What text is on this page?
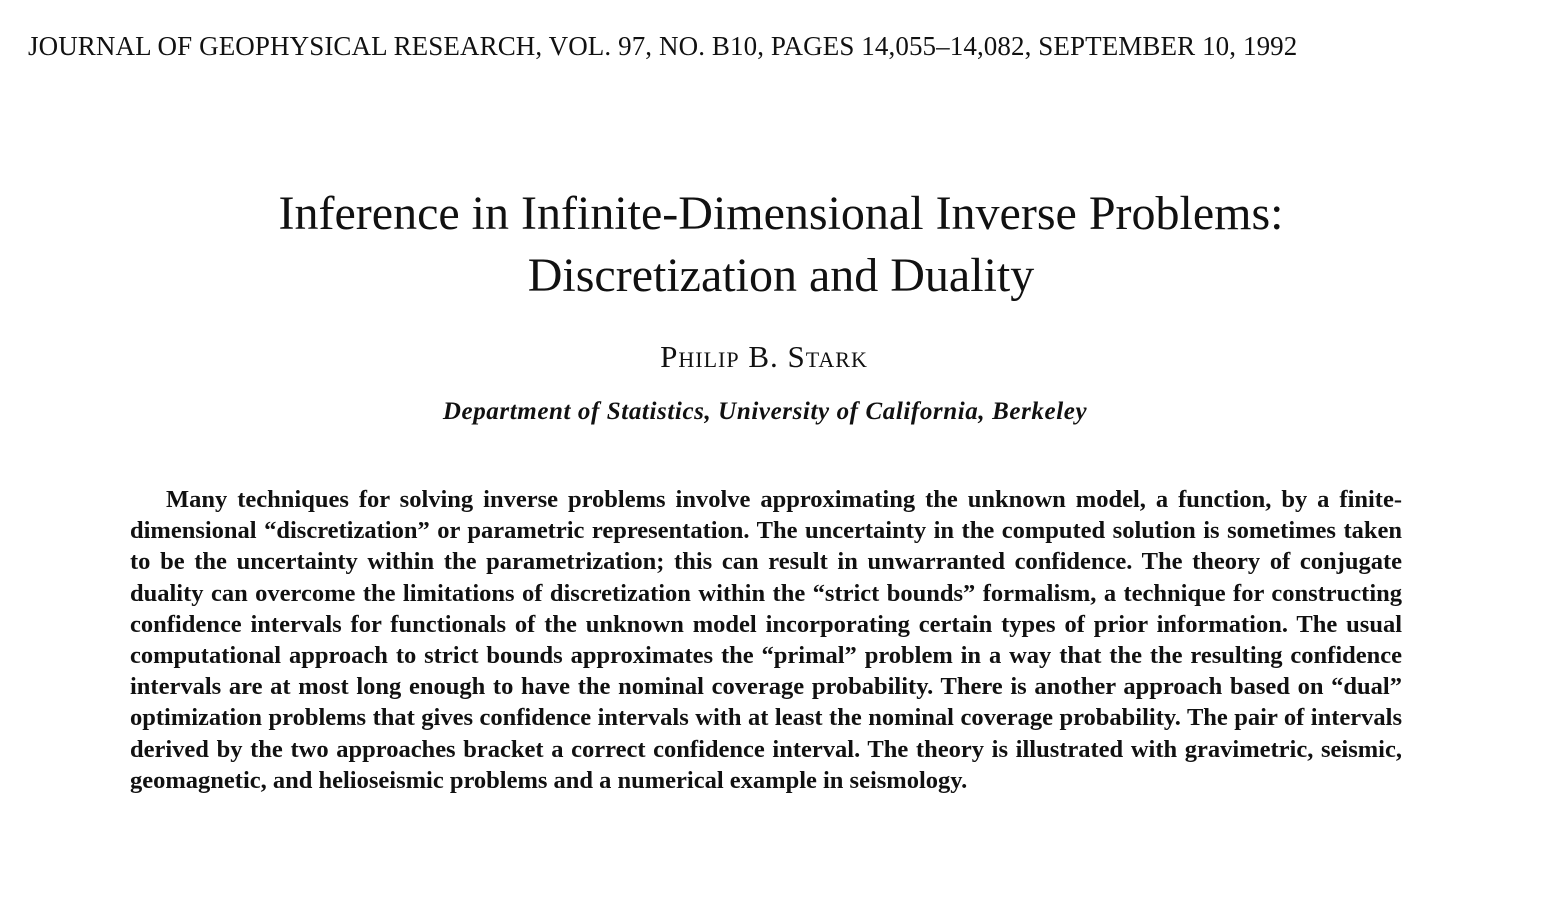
JOURNAL OF GEOPHYSICAL RESEARCH, VOL. 97, NO. B10, PAGES 14,055–14,082, SEPTEMBER 10, 1992
Inference in Infinite-Dimensional Inverse Problems:
Discretization and Duality
Philip B. Stark
Department of Statistics, University of California, Berkeley

Many techniques for solving inverse problems involve approximating the unknown model, a function, by a finite-dimensional “discretization” or parametric representation. The uncertainty in the computed solution is sometimes taken to be the uncertainty within the parametrization; this can result in unwarranted confidence. The theory of conjugate duality can overcome the limitations of discretization within the “strict bounds” formalism, a technique for constructing confidence intervals for functionals of the unknown model incorporating certain types of prior information. The usual computational approach to strict bounds approximates the “primal” problem in a way that the the resulting confidence intervals are at most long enough to have the nominal coverage probability. There is another approach based on “dual” optimization problems that gives confidence intervals with at least the nominal coverage probability. The pair of intervals derived by the two approaches bracket a correct confidence interval. The theory is illustrated with gravimetric, seismic, geomagnetic, and helioseismic problems and a numerical example in seismology.
